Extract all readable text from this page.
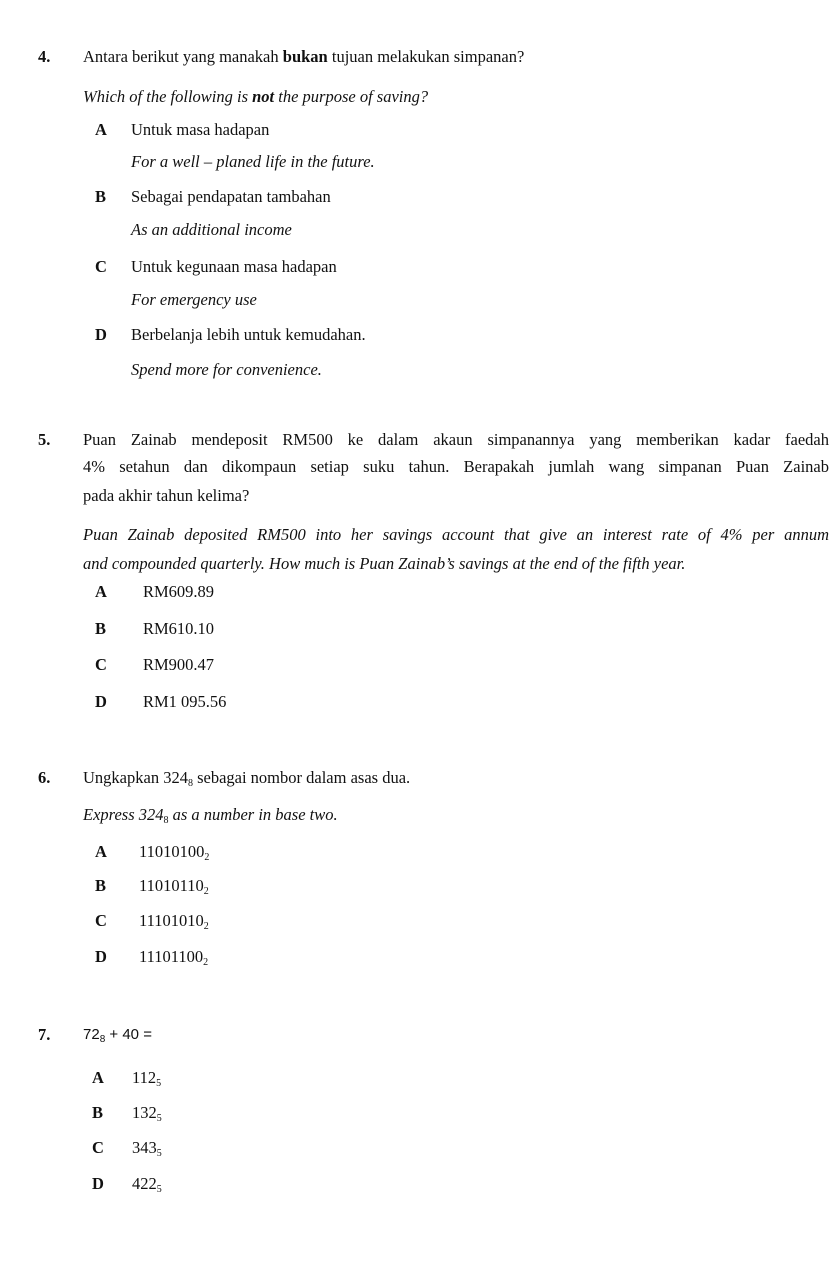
4. Antara berikut yang manakah bukan tujuan melakukan simpanan?
Which of the following is not the purpose of saving?
A Untuk masa hadapan
For a well – planed life in the future.
B Sebagai pendapatan tambahan
As an additional income
C Untuk kegunaan masa hadapan
For emergency use
D Berbelanja lebih untuk kemudahan.
Spend more for convenience.
5. Puan Zainab mendeposit RM500 ke dalam akaun simpanannya yang memberikan kadar faedah
4% setahun dan dikompaun setiap suku tahun. Berapakah jumlah wang simpanan Puan Zainab
pada akhir tahun kelima?
Puan Zainab deposited RM500 into her savings account that give an interest rate of 4% per annum
and compounded quarterly. How much is Puan Zainab’s savings at the end of the fifth year.
A RM609.89
B RM610.10
C RM900.47
D RM1 095.56
6. Ungkapkan $324_8$ sebagai nombor dalam asas dua.
Express $324_8$ as a number in base two.
A $11010100_2$
B $11010110_2$
C $11101010_2$
D $11101100_2$
7. $72_8 + 40$ =
A $112_5$
B $132_5$
C $343_5$
D $422_5$
